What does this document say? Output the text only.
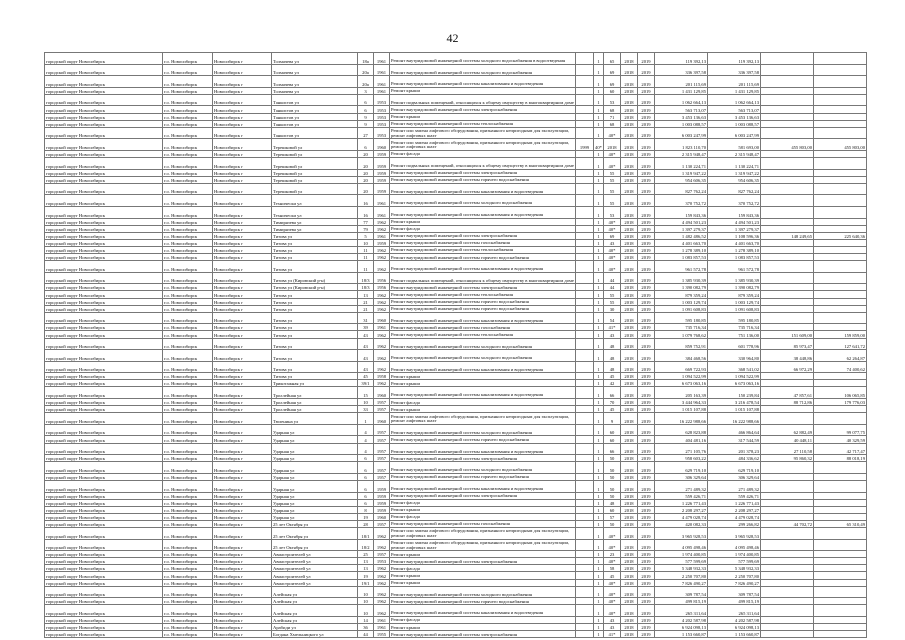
42
городской округ Новосибирск	г.о. Новосибирск	Новосибирск г	Толмачева ул	18а	1961	Ремонт внутридомовой инженерной системы холодного водоснабжения в водоотведения		1	65	2018	2019	119 392,13	119 392,13		
городской округ Новосибирск	г.о. Новосибирск	Новосибирск г	Толмачева ул	20а	1961	Ремонт внутридомовой инженерной системы холодного водоснабжения		1	69	2018	2019	336 397,58	336 397,58		
городской округ Новосибирск	г.о. Новосибирск	Новосибирск г	Толмачева ул	20а	1961	Ремонт внутридомовой инженерной системы канализования и водоотведения		1	69	2018	2019	201 115,69	201 115,69		
городской округ Новосибирск	г.о. Новосибирск	Новосибирск г	Толмачева ул	3	1961	Ремонт крыши		1	60	2018	2019	1 431 129,85	1 431 129,85		
городской округ Новосибирск	г.о. Новосибирск	Новосибирск г	Танкистов ул	6	1953	Ремонт подвальных помещений, относящихся к общему имуществу в многоквартирном доме		1	53	2018	2019	1 062 664,13	1 062 664,13		
городской округ Новосибирск	г.о. Новосибирск	Новосибирск г	Танкистов ул	6	1953	Ремонт внутридомовой инженерной системы электроснабжения		1	68	2018	2019	563 713,07	563 713,07		
городской округ Новосибирск	г.о. Новосибирск	Новосибирск г	Танкистов ул	9	1953	Ремонт крыши		1	71	2018	2019	3 453 136,63	3 453 136,63		
городской округ Новосибирск	г.о. Новосибирск	Новосибирск г	Танкистов ул	9	1953	Ремонт внутридомовой инженерной системы теплоснабжения		1	68	2018	2019	1 003 088,57	1 003 088,57		
городской округ Новосибирск	г.о. Новосибирск	Новосибирск г	Танкистов ул	27	1953	Ремонт или замена лифтового оборудования, признанного непригодным для эксплуатации, ремонт лифтовых шахт		1	40*	2018	2019	6 003 247,99	6 003 247,99		
городской округ Новосибирск	г.о. Новосибирск	Новосибирск г	Терешковой ул	6	1960	Ремонт или замена лифтового оборудования, признанного непригодным для эксплуатации, ремонт лифтовых шахт	1999	40*	2018	2018	2019	1 823 110,70	581 693,00	455 803,00	455 803,00
городской округ Новосибирск	г.о. Новосибирск	Новосибирск г	Терешковой ул	20	1959	Ремонт фасада		1	40*	2018	2019	2 315 948,47	2 315 948,47		
городской округ Новосибирск	г.о. Новосибирск	Новосибирск г	Терешковой ул	20	1959	Ремонт подвальных помещений, относящихся к общему имуществу в многоквартирном доме		1	40*	2018	2019	1 130 224,71	1 130 224,71		
городской округ Новосибирск	г.о. Новосибирск	Новосибирск г	Терешковой ул	20	1959	Ремонт внутридомовой инженерной системы электроснабжения		1	55	2018	2019	1 319 947,22	1 319 947,22		
городской округ Новосибирск	г.о. Новосибирск	Новосибирск г	Терешковой ул	20	1959	Ремонт внутридомовой инженерной системы горячего водоснабжения		1	55	2018	2019	954 606,35	954 606,35		
городской округ Новосибирск	г.о. Новосибирск	Новосибирск г	Терешковой ул	20	1959	Ремонт внутридомовой инженерной системы канализования и водоотведения		1	55	2018	2019	827 762,24	827 762,24		
городской округ Новосибирск	г.о. Новосибирск	Новосибирск г	Технически ул	16	1961	Ремонт внутридомовой инженерной системы холодного водоснабжения		1	55	2018	2019	370 752,72	370 752,72		
городской округ Новосибирск	г.о. Новосибирск	Новосибирск г	Технически ул	16	1961	Ремонт внутридомовой инженерной системы канализования и водоотведения		1	53	2018	2019	159 843,36	159 843,36		
городской округ Новосибирск	г.о. Новосибирск	Новосибирск г	Тимирязева ул	77	1962	Ремонт крыши		1	40*	2018	2019	4 494 501,23	4 494 501,23		
городской округ Новосибирск	г.о. Новосибирск	Новосибирск г	Тимирязева ул	79	1962	Ремонт фасада		1	40*	2018	2019	1 397 279,37	1 397 279,37		
городской округ Новосибирск	г.о. Новосибирск	Новосибирск г	Титова ул	5	1961	Ремонт внутридомовой инженерной системы электроснабжения		1	69	2018	2019	1 482 486,52	1 108 596,36	148 249,65	225 640,36
городской округ Новосибирск	г.о. Новосибирск	Новосибирск г	Титова ул	10	1959	Ремонт внутридомовой инженерной системы газоснабжения		1	43	2018	2019	4 401 663,70	4 401 663,70		
городской округ Новосибирск	г.о. Новосибирск	Новосибирск г	Титова ул	11	1962	Ремонт внутридомовой инженерной системы теплоснабжения		1	40*	2018	2019	1 278 389,10	1 278 389,10		
городской округ Новосибирск	г.о. Новосибирск	Новосибирск г	Титова ул	11	1962	Ремонт внутридомовой инженерной системы горячего водоснабжения		1	40*	2018	2019	1 083 857,53	1 083 857,53		
городской округ Новосибирск	г.о. Новосибирск	Новосибирск г	Титова ул	11	1962	Ремонт внутридомовой инженерной системы канализования и водоотведения		1	40*	2018	2019	961 572,78	961 572,78		
городской округ Новосибирск	г.о. Новосибирск	Новосибирск г	Титова ул (Кировский р-н)	18/3	1956	Ремонт подвальных помещений, относящихся к общему имуществу в многоквартирном доме		1	44	2018	2019	1 385 930,39	1 385 930,39		
городской округ Новосибирск	г.о. Новосибирск	Новосибирск г	Титова ул (Кировский р-н)	18/3	1956	Ремонт внутридомовой инженерной системы электроснабжения		1	44	2018	2019	1 390 082,79	1 390 082,79		
городской округ Новосибирск	г.о. Новосибирск	Новосибирск г	Титова ул	13	1962	Ремонт внутридомовой инженерной системы теплоснабжения		1	55	2018	2019	879 359,24	879 359,24		
городской округ Новосибирск	г.о. Новосибирск	Новосибирск г	Титова ул	21	1962	Ремонт внутридомовой инженерной системы горячего водоснабжения		1	55	2018	2019	1 003 129,74	1 003 129,74		
городской округ Новосибирск	г.о. Новосибирск	Новосибирск г	Титова ул	21	1962	Ремонт внутридомовой инженерной системы горячего водоснабжения		1	30	2018	2019	1 091 608,83	1 091 608,83		
городской округ Новосибирск	г.о. Новосибирск	Новосибирск г	Титова ул	31	1960	Ремонт внутридомовой инженерной системы канализования и водоотведения		1	54	2018	2019	595 180,85	595 180,85		
городской округ Новосибирск	г.о. Новосибирск	Новосибирск г	Титова ул	39	1961	Ремонт внутридомовой инженерной системы газоснабжения		1	41*	2018	2019	735 716,34	735 716,34		
городской округ Новосибирск	г.о. Новосибирск	Новосибирск г	Титова ул	43	1962	Ремонт внутридомовой инженерной системы теплоснабжения		1	43	2018	2019	1 079 768,62	751 136,00	151 609,00	159 859,00
городской округ Новосибирск	г.о. Новосибирск	Новосибирск г	Титова ул	43	1962	Ремонт внутридомовой инженерной системы холодного водоснабжения		1	48	2018	2019	859 752,91	601 778,96	85 973,47	127 641,72
городской округ Новосибирск	г.о. Новосибирск	Новосибирск г	Титова ул	43	1962	Ремонт внутридомовой инженерной системы холодного водоснабжения		1	48	2018	2019	384 468,56	330 964,80	38 448,86	62 264,87
городской округ Новосибирск	г.о. Новосибирск	Новосибирск г	Титова ул	43	1962	Ремонт внутридомовой инженерной системы канализования и водоотведения		1	48	2018	2019	669 722,93	368 541,02	66 972,29	74 400,62
городской округ Новосибирск	г.о. Новосибирск	Новосибирск г	Титова ул	45	1958	Ремонт крыши		1	45	2018	2019	1 094 522,99	1 094 522,99		
городской округ Новосибирск	г.о. Новосибирск	Новосибирск г	Трикотажная ул	39/1	1962	Ремонт крыши		1	42	2018	2019	6 673 063,16	6 673 063,16		
городской округ Новосибирск	г.о. Новосибирск	Новосибирск г	Троллейная ул	15	1960	Ремонт внутридомовой инженерной системы канализования и водоотведения		1	66	2018	2019	205 163,39	150 239,84	47 857,61	106 065,85
городской округ Новосибирск	г.о. Новосибирск	Новосибирск г	Троллейная ул	10	1957	Ремонт фасада		1	70	2018	2019	3 444 964,33	3 216 478,54	88 712,86	179 776,03
городской округ Новосибирск	г.о. Новосибирск	Новосибирск г	Троллейная ул	33	1957	Ремонт крыши		1	45	2018	2019	1 015 107,88	1 015 107,88		
городской округ Новосибирск	г.о. Новосибирск	Новосибирск г	Тюленина ул	1	1960	Ремонт или замена лифтового оборудования, признанного непригодным для эксплуатации, ремонт лифтовых шахт		1	9	2018	2019	16 222 988,66	16 222 988,66		
городской округ Новосибирск	г.о. Новосибирск	Новосибирск г	Ударная ул	4	1957	Ремонт внутридомовой инженерной системы холодного водоснабжения		1	60	2018	2019	628 823,88	466 864,64	62 882,49	99 077,75
городской округ Новосибирск	г.о. Новосибирск	Новосибирск г	Ударная ул	4	1957	Ремонт внутридомовой инженерной системы горячего водоснабжения		1	60	2018	2019	404 481,16	317 544,59	40 448,11	40 329,59
городской округ Новосибирск	г.о. Новосибирск	Новосибирск г	Ударная ул	4	1957	Ремонт внутридомовой инженерной системы канализования и водоотведения		1	66	2018	2019	271 105,76	201 378,23	27 110,58	42 717,47
городской округ Новосибирск	г.о. Новосибирск	Новосибирск г	Ударная ул	6	1957	Ремонт внутридомовой инженерной системы электроснабжения		1	50	2018	2019	958 603,22	484 336,62	95 860,32	88 018,19
городской округ Новосибирск	г.о. Новосибирск	Новосибирск г	Ударная ул	6	1957	Ремонт внутридомовой инженерной системы холодного водоснабжения		1	50	2018	2019	629 719,10	629 719,10		
городской округ Новосибирск	г.о. Новосибирск	Новосибирск г	Ударная ул	6	1957	Ремонт внутридомовой инженерной системы горячего водоснабжения		1	50	2018	2019	306 329,64	306 329,64		
городской округ Новосибирск	г.о. Новосибирск	Новосибирск г	Ударная ул	6	1959	Ремонт внутридомовой инженерной системы канализования и водоотведения		1	50	2018	2019	271 489,32	271 489,32		
городской округ Новосибирск	г.о. Новосибирск	Новосибирск г	Ударная ул	6	1959	Ремонт внутридомовой инженерной системы электроснабжения		1	50	2018	2019	559 426,71	559 426,71		
городской округ Новосибирск	г.о. Новосибирск	Новосибирск г	Ударная ул	6	1959	Ремонт фасада		1	48	2018	2019	1 226 771,43	1 226 771,43		
городской округ Новосибирск	г.о. Новосибирск	Новосибирск г	Ударная ул	8	1959	Ремонт крыши		1	60	2018	2019	2 208 297,27	2 208 297,27		
городской округ Новосибирск	г.о. Новосибирск	Новосибирск г	Ударная ул	19	1960	Ремонт фасада		1	57	2018	2019	4 479 028,74	4 479 028,74		
городской округ Новосибирск	г.о. Новосибирск	Новосибирск г	25 лет Октября ул	28	1957	Ремонт внутридомовой инженерной системы газоснабжения		1	50	2018	2019	420 082,33	299 266,82	44 702,72	65 310,49
городской округ Новосибирск	г.о. Новосибирск	Новосибирск г	25 лет Октября ул	18/1	1962	Ремонт или замена лифтового оборудования, признанного непригодным для эксплуатации, ремонт лифтовых шахт		1	40*	2018	2019	3 965 928,53	3 965 928,53		
городской округ Новосибирск	г.о. Новосибирск	Новосибирск г	25 лет Октября ул	18/2	1962	Ремонт или замена лифтового оборудования, признанного непригодным для эксплуатации, ремонт лифтовых шахт		1	40*	2018	2019	4 095 498,46	4 095 498,46		
городской округ Новосибирск	г.о. Новосибирск	Новосибирск г	Авиастроителей ул	25	1957	Ремонт крыши		1	23	2018	2019	1 974 400,85	1 974 400,85		
городской округ Новосибирск	г.о. Новосибирск	Новосибирск г	Авиастроителей ул	13	1953	Ремонт внутридомовой инженерной системы электроснабжения		1	40*	2018	2019	577 599,69	577 599,69		
городской округ Новосибирск	г.о. Новосибирск	Новосибирск г	Авиастроителей ул	13	1962	Ремонт фасада		1	58	2018	2019	5 348 932,33	5 348 932,33		
городской округ Новосибирск	г.о. Новосибирск	Новосибирск г	Авиастроителей ул	19	1962	Ремонт крыши		1	45	2018	2019	2 250 707,80	2 250 707,80		
городской округ Новосибирск	г.о. Новосибирск	Новосибирск г	Авиастроителей ул	19/1	1962	Ремонт крыши		1	40*	2018	2019	7 826 490,27	7 826 490,27		
городской округ Новосибирск	г.о. Новосибирск	Новосибирск г	Алейская ул	10	1962	Ремонт внутридомовой инженерной системы холодного водоснабжения		1	40*	2018	2019	309 787,54	309 787,54		
городской округ Новосибирск	г.о. Новосибирск	Новосибирск г	Алейская ул	10	1962	Ремонт внутридомовой инженерной системы горячего водоснабжения		1	40*	2018	2019	499 815,19	499 815,19		
городской округ Новосибирск	г.о. Новосибирск	Новосибирск г	Алейская ул	10	1962	Ремонт внутридомовой инженерной системы канализования и водоотведения		1	40*	2018	2019	265 311,64	265 311,64		
городской округ Новосибирск	г.о. Новосибирск	Новосибирск г	Алейская ул	14	1961	Ремонт фасада		1	43	2018	2019	4 202 587,98	4 202 587,98		
городской округ Новосибирск	г.о. Новосибирск	Новосибирск г	Арабиди ул	36	1961	Ремонт крыши		1	43	2018	2019	6 924 098,13	6 924 098,13		
городской округ Новосибирск	г.о. Новосибирск	Новосибирск г	Богдана Хмельницкого ул	44	1955	Ремонт внутридомовой инженерной системы электроснабжения		1	41*	2018	2019	1 153 660,87	1 153 660,87		
